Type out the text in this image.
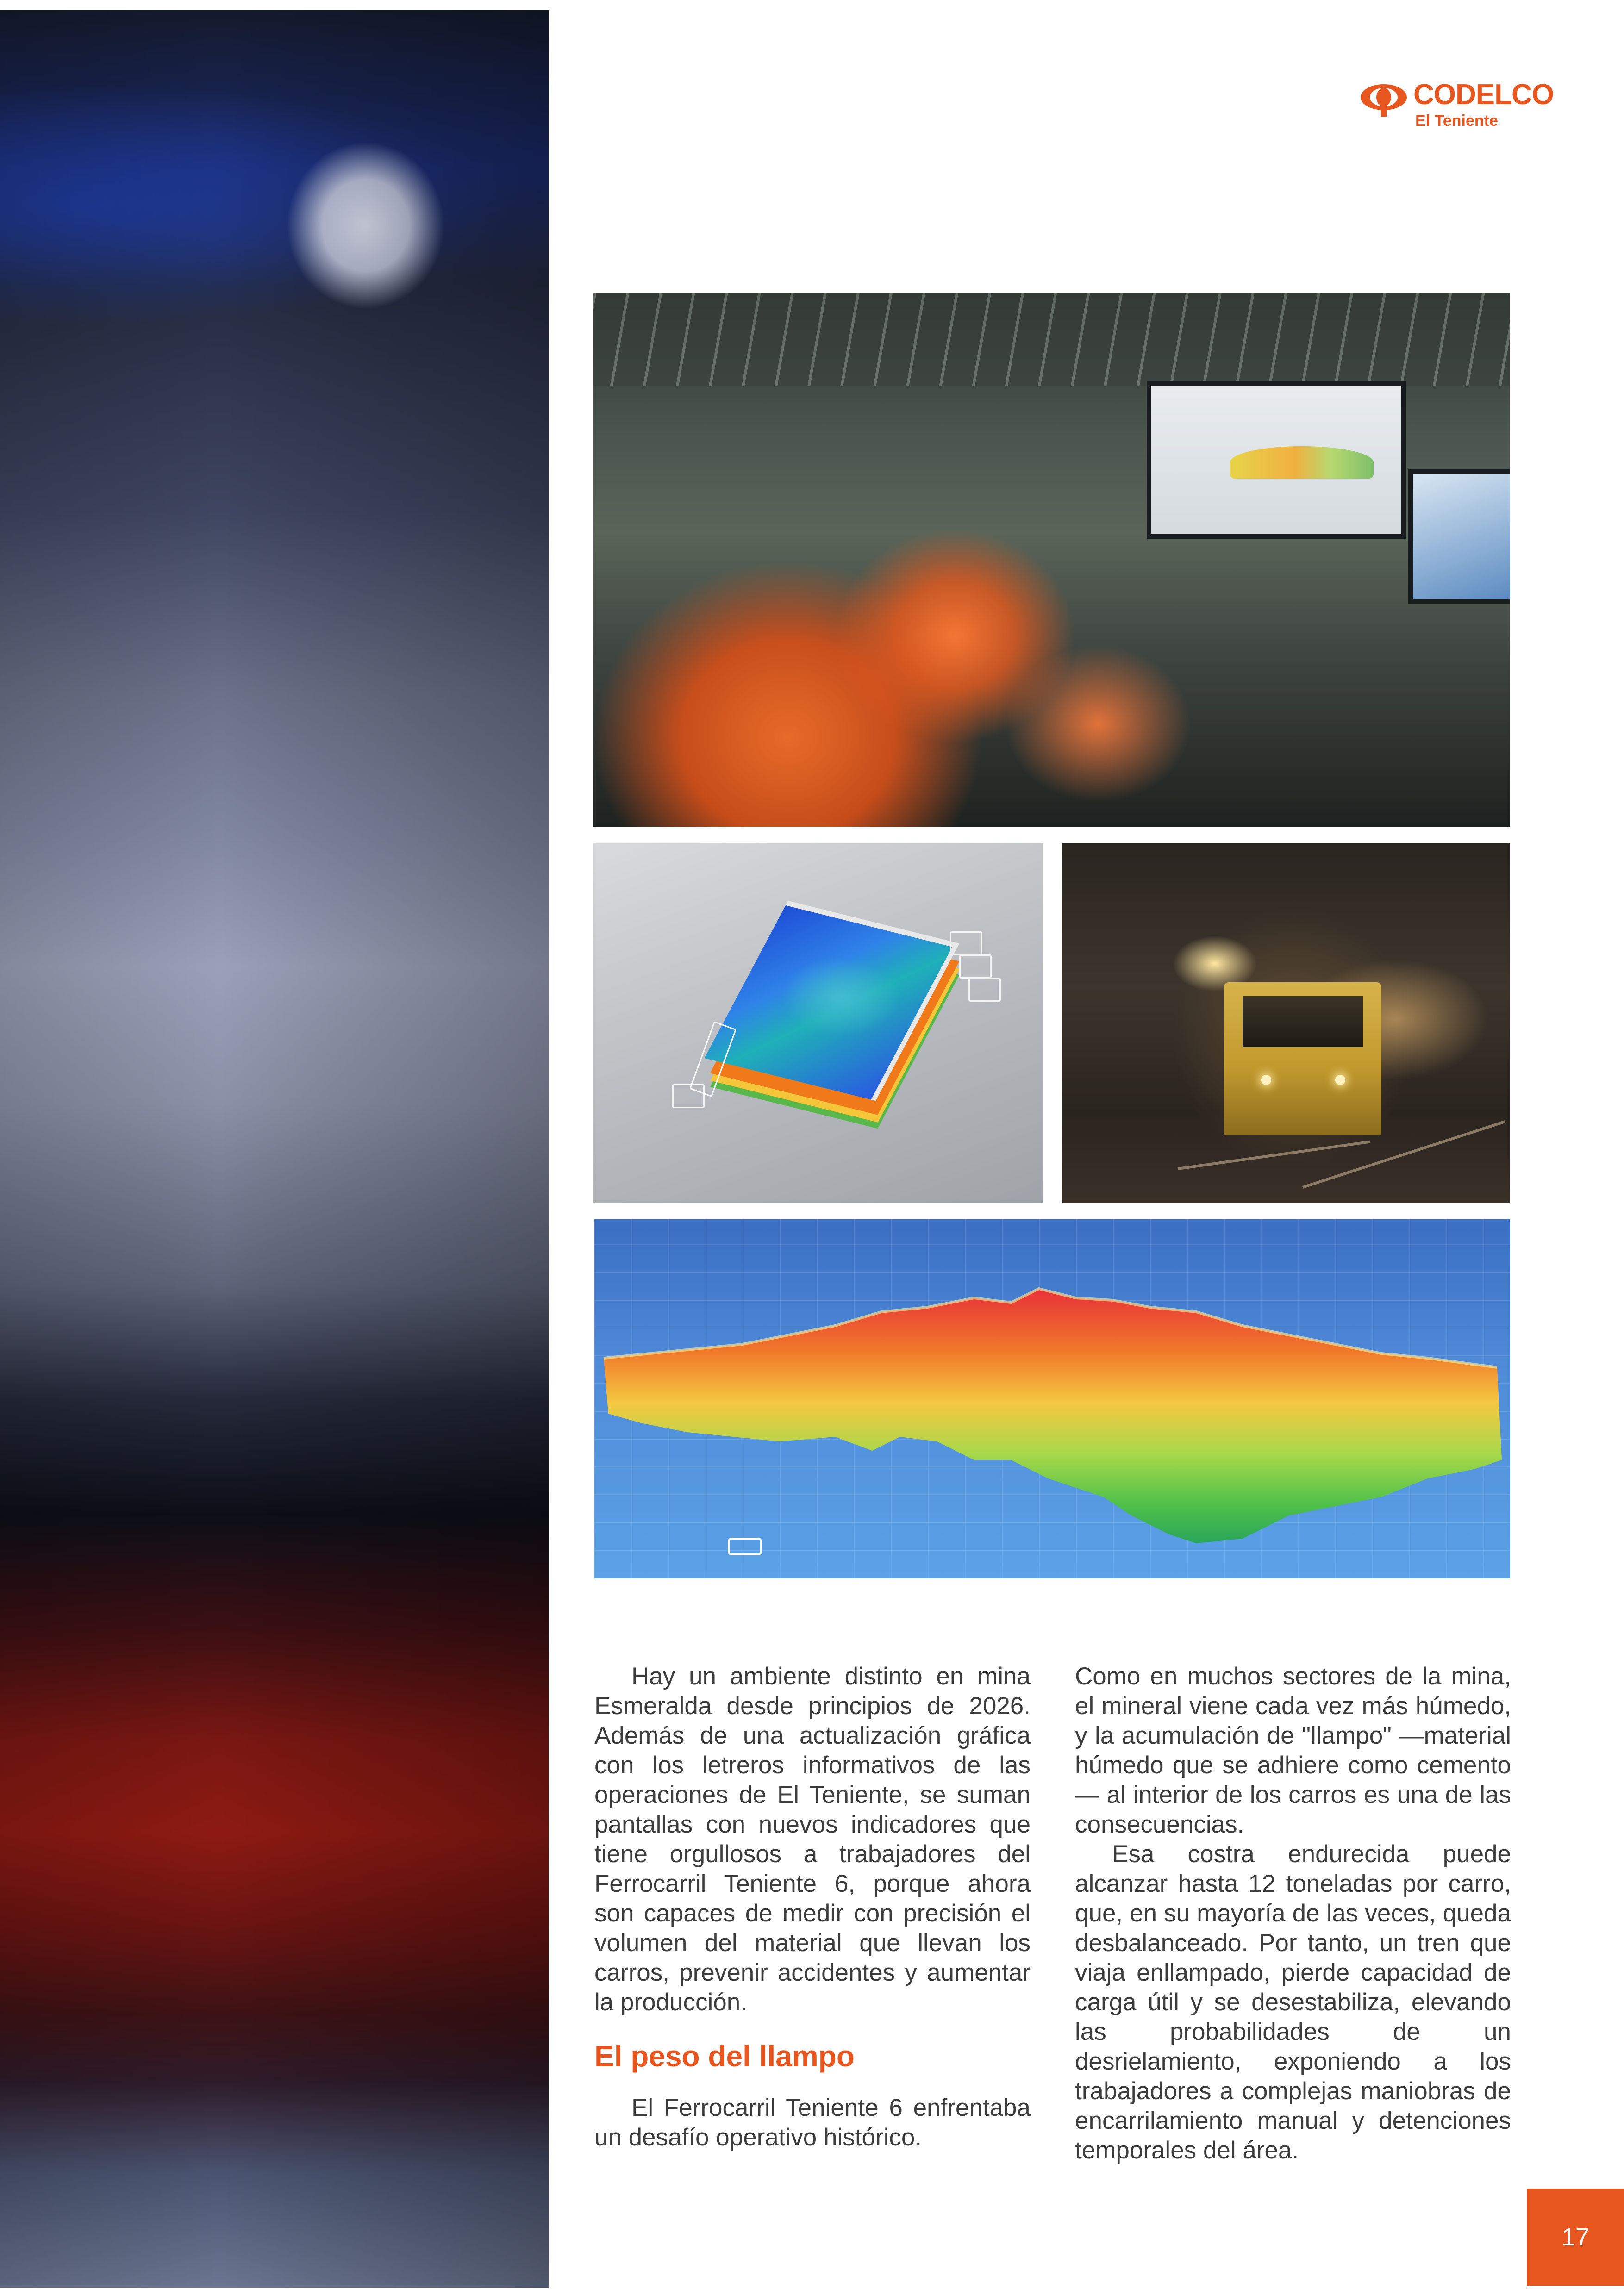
CODELCO
El Teniente

Hay un ambiente distinto en mina Esmeralda desde principios de 2026. Además de una actualización gráfica con los letreros informativos de las operaciones de El Teniente, se suman pantallas con nuevos indicadores que tiene orgullosos a trabajadores del Ferrocarril Teniente 6, porque ahora son capaces de medir con precisión el volumen del material que llevan los carros, prevenir accidentes y aumentar la producción.

El peso del llampo

El Ferrocarril Teniente 6 enfrentaba un desafío operativo histórico.

Como en muchos sectores de la mina, el mineral viene cada vez más húmedo, y la acumulación de "llampo" —material húmedo que se adhiere como cemento— al interior de los carros es una de las consecuencias.

Esa costra endurecida puede alcanzar hasta 12 toneladas por carro, que, en su mayoría de las veces, queda desbalanceado. Por tanto, un tren que viaja enllampado, pierde capacidad de carga útil y se desestabiliza, elevando las probabilidades de un desrielamiento, exponiendo a los trabajadores a complejas maniobras de encarrilamiento manual y detenciones temporales del área.

17
